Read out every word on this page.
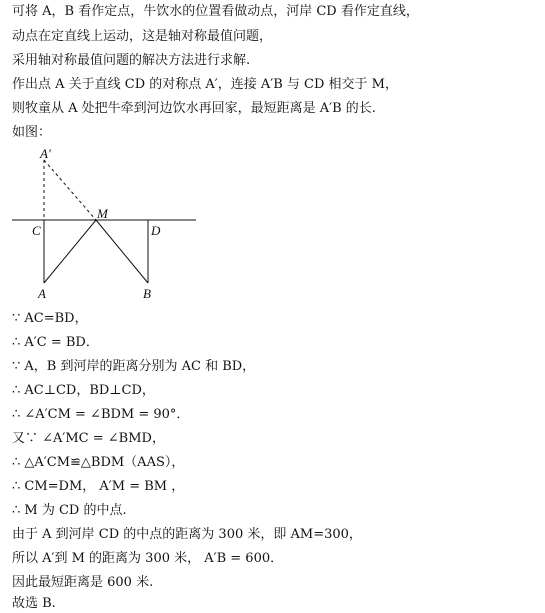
可将 A，B 看作定点，牛饮水的位置看做动点，河岸 CD 看作定直线，
动点在定直线上运动，这是轴对称最值问题，
采用轴对称最值问题的解决方法进行求解.
作出点 A 关于直线 CD 的对称点 A′，连接 A′B 与 CD 相交于 M，
则牧童从 A 处把牛牵到河边饮水再回家，最短距离是 A′B 的长.
如图：
A′
M
C	D
A	B
∵ AC=BD，
∴ A′C = BD．
∵ A，B 到河岸的距离分别为 AC 和 BD，
∴ AC⊥CD，BD⊥CD，
∴ ∠A′CM = ∠BDM = 90°．
又∵ ∠A′MC = ∠BMD，
∴ △A′CM≌△BDM（AAS），
∴ CM=DM， A′M = BM ，
∴ M 为 CD 的中点.
由于 A 到河岸 CD 的中点的距离为 300 米，即 AM=300，
所以 A′到 M 的距离为 300 米， A′B = 600．
因此最短距离是 600 米.
故选 B.
